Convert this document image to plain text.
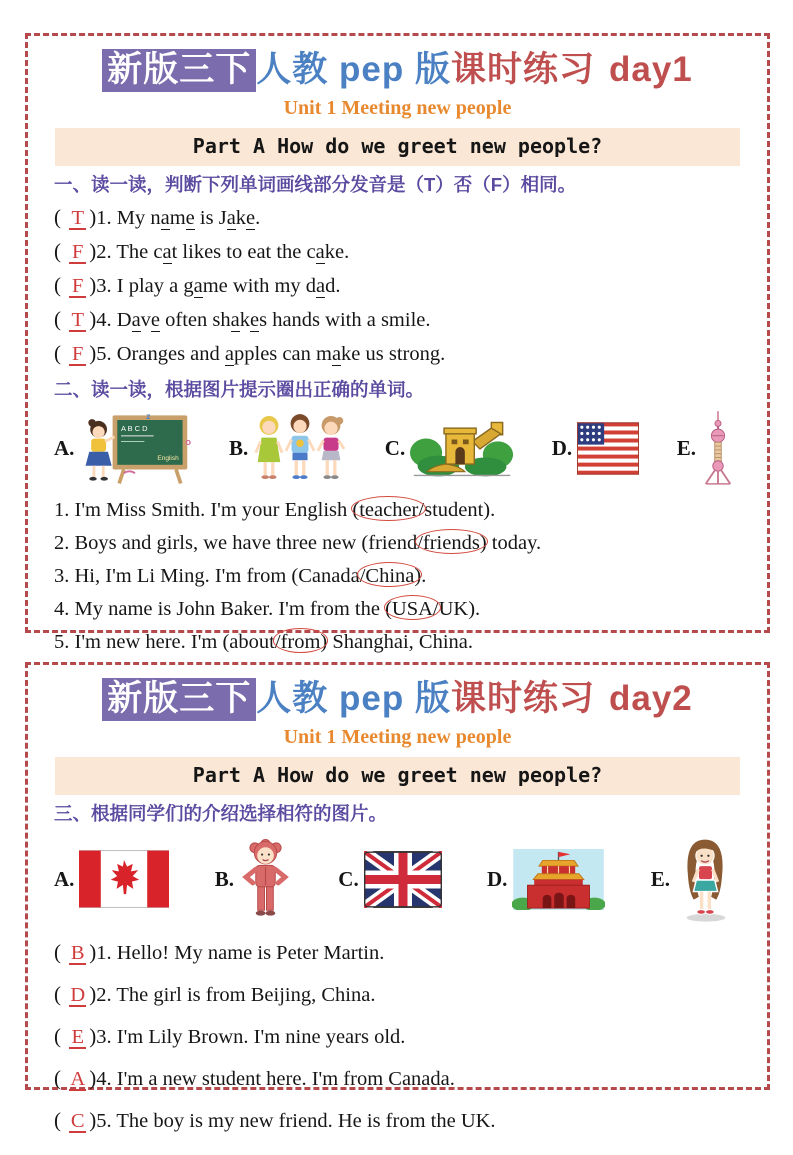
新版三下 人教 pep 版课时练习 day1
Unit 1 Meeting new people
Part A How do we greet new people?
一、读一读，判断下列单词画线部分发音是（T）否（F）相同。
( T )1. My name is Jake.
( F )2. The cat likes to eat the cake.
( F )3. I play a game with my dad.
( T )4. Dave often shakes hands with a smile.
( F )5. Oranges and apples can make us strong.
二、读一读，根据图片提示圈出正确的单词。
A.	B.	C.	D.	E.
1. I'm Miss Smith. I'm your English (teacher/student).
2. Boys and girls, we have three new (friend/friends) today.
3. Hi, I'm Li Ming. I'm from (Canada/China).
4. My name is John Baker. I'm from the (USA/UK).
5. I'm new here. I'm (about/from) Shanghai, China.
新版三下 人教 pep 版课时练习 day2
Unit 1 Meeting new people
Part A How do we greet new people?
三、根据同学们的介绍选择相符的图片。
A.	B.	C.	D.	E.
( B )1. Hello! My name is Peter Martin.
( D )2. The girl is from Beijing, China.
( E )3. I'm Lily Brown. I'm nine years old.
( A )4. I'm a new student here. I'm from Canada.
( C )5. The boy is my new friend. He is from the UK.
